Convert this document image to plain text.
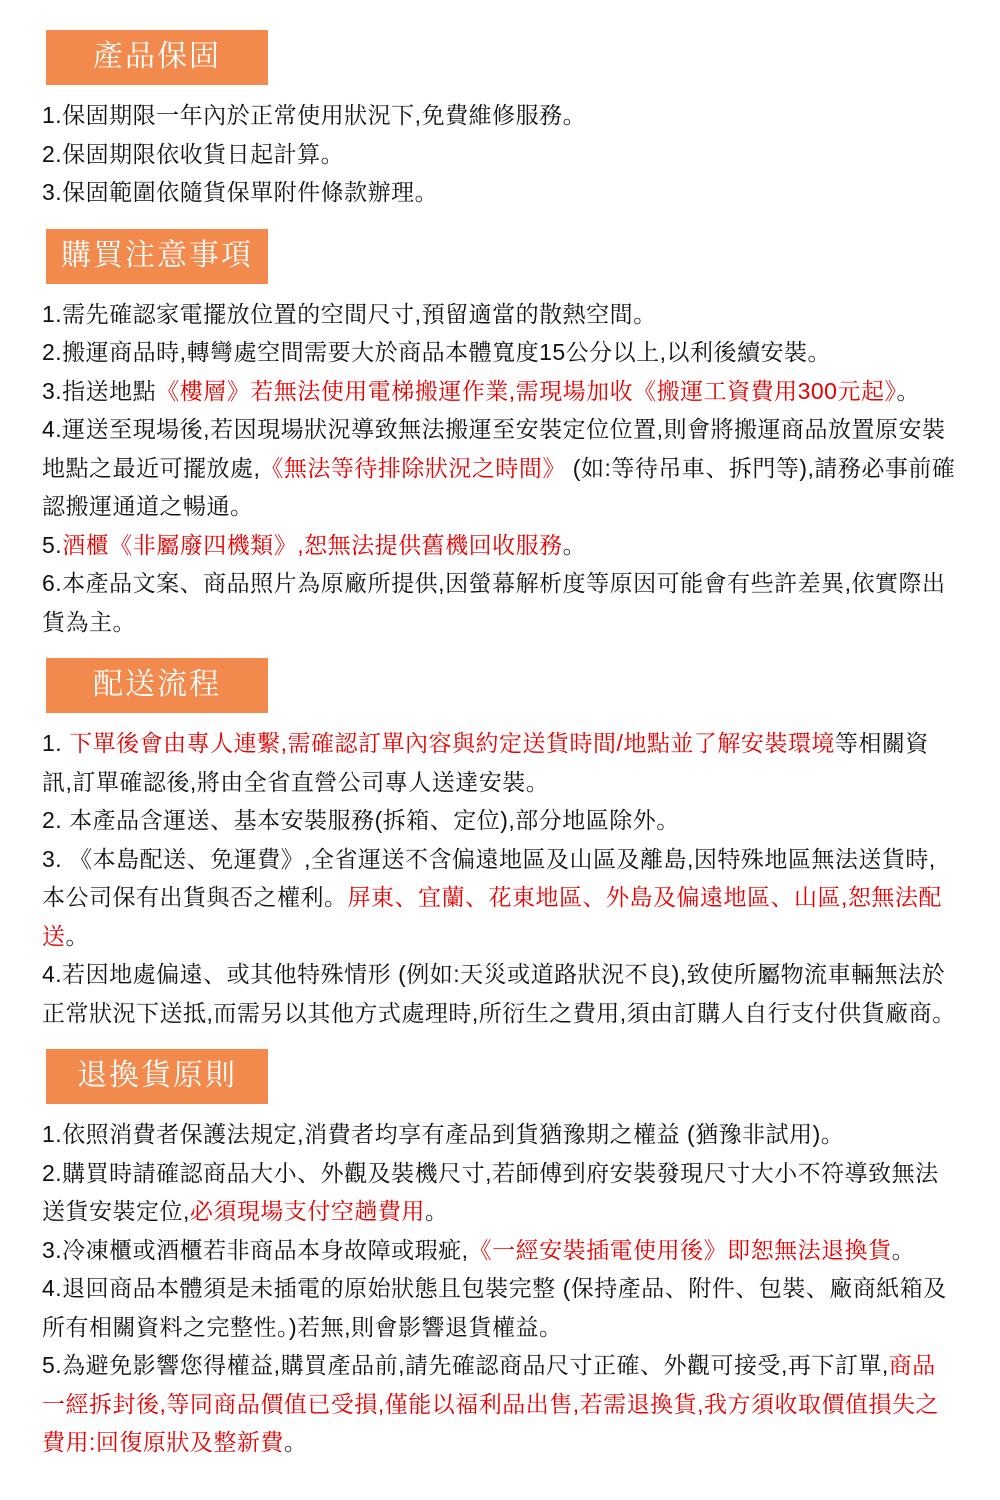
產品保固

1.保固期限一年內於正常使用狀況下,免費維修服務。

2.保固期限依收貨日起計算。

3.保固範圍依隨貨保單附件條款辦理。

購買注意事項

1.需先確認家電擺放位置的空間尺寸,預留適當的散熱空間。

2.搬運商品時,轉彎處空間需要大於商品本體寬度15公分以上,以利後續安裝。

3.指送地點《樓層》若無法使用電梯搬運作業,需現場加收《搬運工資費用300元起》。

4.運送至現場後,若因現場狀況導致無法搬運至安裝定位位置,則會將搬運商品放置原安裝地點之最近可擺放處,《無法等待排除狀況之時間》 (如:等待吊車、拆門等),請務必事前確認搬運通道之暢通。

5.酒櫃《非屬廢四機類》,恕無法提供舊機回收服務。

6.本產品文案、商品照片為原廠所提供,因螢幕解析度等原因可能會有些許差異,依實際出貨為主。

配送流程

1. 下單後會由專人連繫,需確認訂單內容與約定送貨時間/地點並了解安裝環境等相關資訊,訂單確認後,將由全省直營公司專人送達安裝。

2. 本產品含運送、基本安裝服務(拆箱、定位),部分地區除外。

3. 《本島配送、免運費》,全省運送不含偏遠地區及山區及離島,因特殊地區無法送貨時,本公司保有出貨與否之權利。屏東、宜蘭、花東地區、外島及偏遠地區、山區,恕無法配送。

4.若因地處偏遠、或其他特殊情形 (例如:天災或道路狀況不良),致使所屬物流車輛無法於正常狀況下送抵,而需另以其他方式處理時,所衍生之費用,須由訂購人自行支付供貨廠商。

退換貨原則

1.依照消費者保護法規定,消費者均享有產品到貨猶豫期之權益 (猶豫非試用)。

2.購買時請確認商品大小、外觀及裝機尺寸,若師傅到府安裝發現尺寸大小不符導致無法送貨安裝定位,必須現場支付空趟費用。

3.冷凍櫃或酒櫃若非商品本身故障或瑕疵,《一經安裝插電使用後》即恕無法退換貨。

4.退回商品本體須是未插電的原始狀態且包裝完整 (保持產品、附件、包裝、廠商紙箱及所有相關資料之完整性。)若無,則會影響退貨權益。

5.為避免影響您得權益,購買產品前,請先確認商品尺寸正確、外觀可接受,再下訂單,商品一經拆封後,等同商品價值已受損,僅能以福利品出售,若需退換貨,我方須收取價值損失之費用:回復原狀及整新費。
